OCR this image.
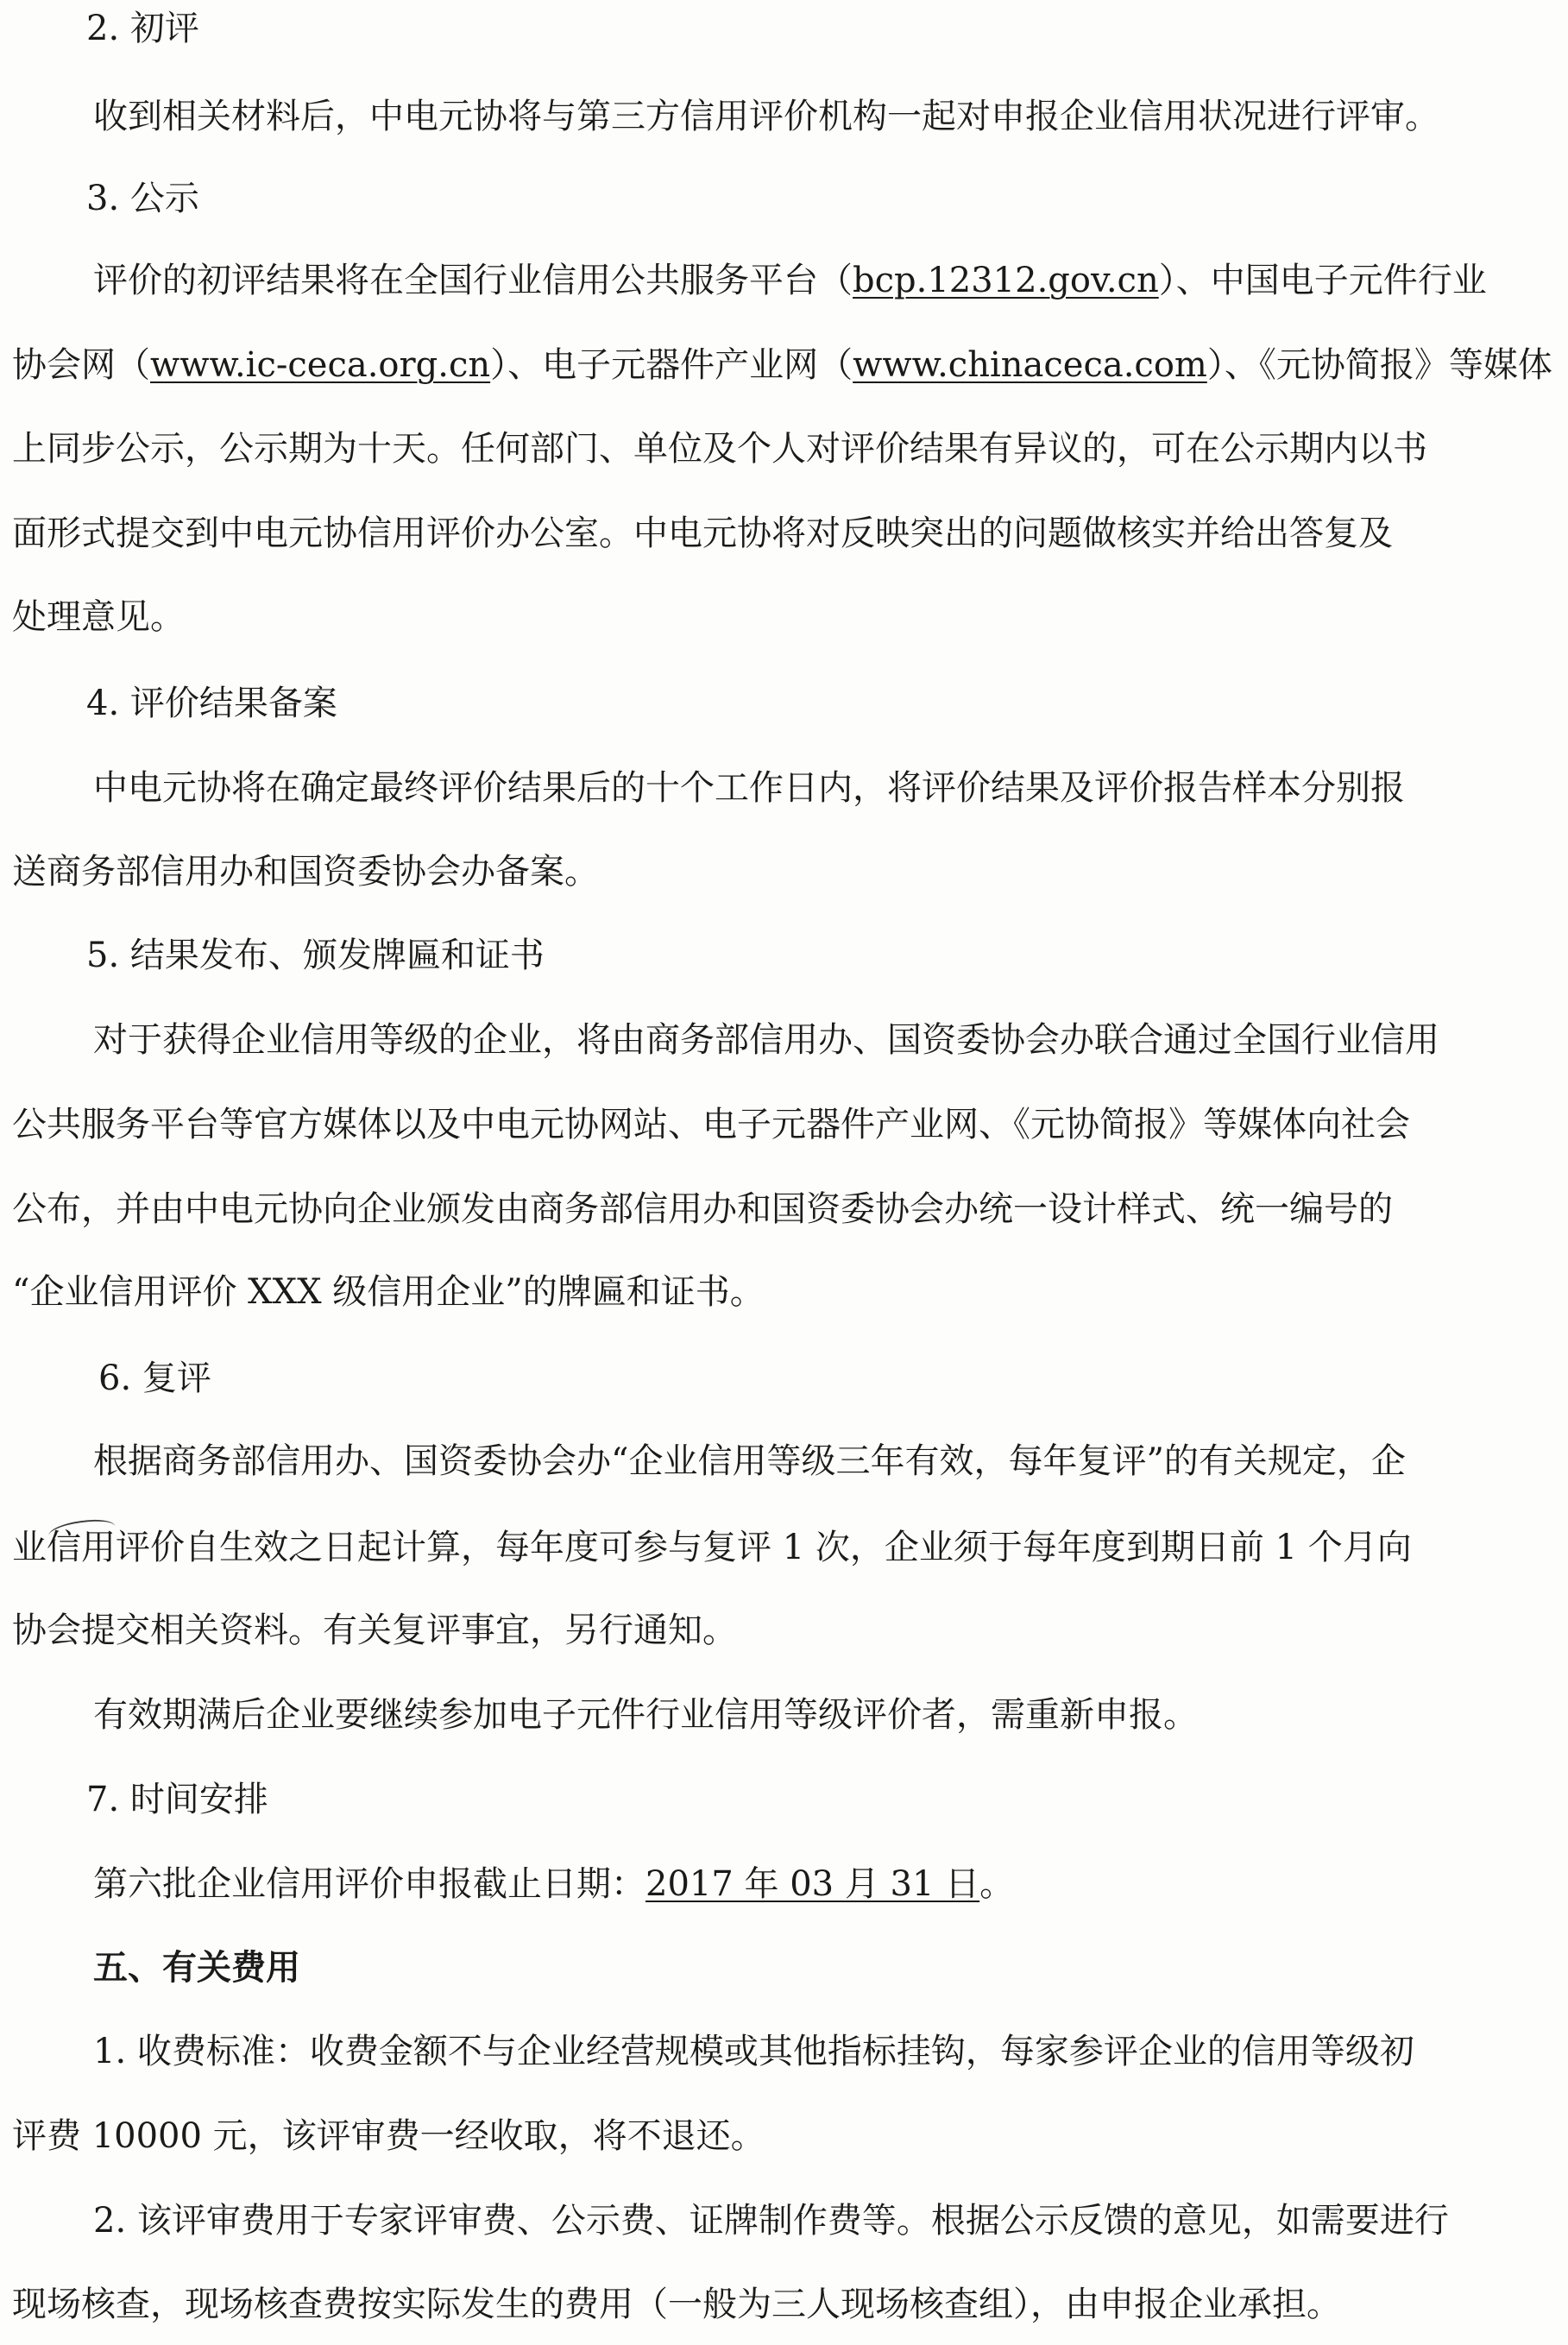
2. 初评
收到相关材料后，中电元协将与第三方信用评价机构一起对申报企业信用状况进行评审。
3. 公示
评价的初评结果将在全国行业信用公共服务平台（bcp.12312.gov.cn）、中国电子元件行业
协会网（www.ic-ceca.org.cn）、电子元器件产业网（www.chinaceca.com）、《元协简报》等媒体
上同步公示，公示期为十天。任何部门、单位及个人对评价结果有异议的，可在公示期内以书
面形式提交到中电元协信用评价办公室。中电元协将对反映突出的问题做核实并给出答复及
处理意见。
4. 评价结果备案
中电元协将在确定最终评价结果后的十个工作日内，将评价结果及评价报告样本分别报
送商务部信用办和国资委协会办备案。
5. 结果发布、颁发牌匾和证书
对于获得企业信用等级的企业，将由商务部信用办、国资委协会办联合通过全国行业信用
公共服务平台等官方媒体以及中电元协网站、电子元器件产业网、《元协简报》等媒体向社会
公布，并由中电元协向企业颁发由商务部信用办和国资委协会办统一设计样式、统一编号的
“企业信用评价 XXX 级信用企业”的牌匾和证书。
6. 复评
根据商务部信用办、国资委协会办“企业信用等级三年有效，每年复评”的有关规定，企
业信用评价自生效之日起计算，每年度可参与复评 1 次，企业须于每年度到期日前 1 个月向
协会提交相关资料。有关复评事宜，另行通知。
有效期满后企业要继续参加电子元件行业信用等级评价者，需重新申报。
7. 时间安排
第六批企业信用评价申报截止日期：2017 年 03 月 31 日。
五、有关费用
1. 收费标准：收费金额不与企业经营规模或其他指标挂钩，每家参评企业的信用等级初
评费 10000 元，该评审费一经收取，将不退还。
2. 该评审费用于专家评审费、公示费、证牌制作费等。根据公示反馈的意见，如需要进行
现场核查，现场核查费按实际发生的费用（一般为三人现场核查组），由申报企业承担。
